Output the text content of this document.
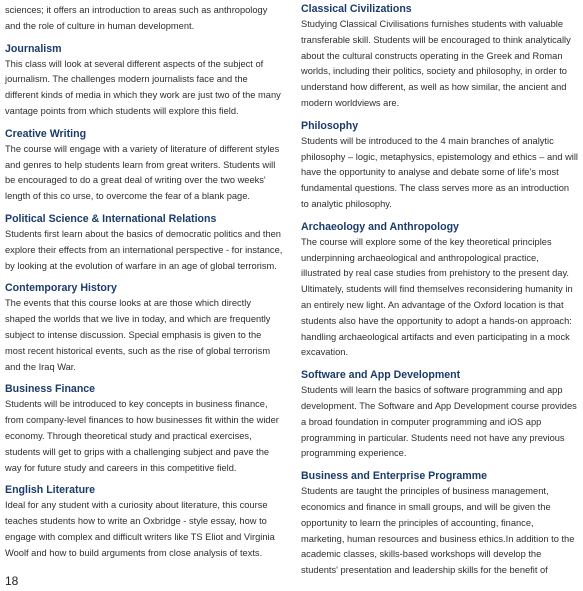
sciences; it offers an introduction to areas such as anthropology and the role of culture in human development.

Journalism

This class will look at several different aspects of the subject of journalism. The challenges modern journalists face and the different kinds of media in which they work are just two of the many vantage points from which students will explore this field.

Creative Writing

The course will engage with a variety of literature of different styles and genres to help students learn from great writers. Students will be encouraged to do a great deal of writing over the two weeks' length of this co urse, to overcome the fear of a blank page.

Political Science & International Relations

Students first learn about the basics of democratic politics and then explore their effects from an international perspective - for instance, by looking at the evolution of warfare in an age of global terrorism.

Contemporary History

The events that this course looks at are those which directly shaped the worlds that we live in today, and which are frequently subject to intense discussion. Special emphasis is given to the most recent historical events, such as the rise of global terrorism and the Iraq War.

Business Finance

Students will be introduced to key concepts in business finance, from company-level finances to how businesses fit within the wider economy. Through theoretical study and practical exercises, students will get to grips with a challenging subject and pave the way for future study and careers in this competitive field.

English Literature

Ideal for any student with a curiosity about literature, this course teaches students how to write an Oxbridge - style essay, how to engage with complex and difficult writers like TS Eliot and Virginia Woolf and how to build arguments from close analysis of texts.

Classical Civilizations

Studying Classical Civilisations furnishes students with valuable transferable skill. Students will be encouraged to think analytically about the cultural constructs operating in the Greek and Roman worlds, including their politics, society and philosophy, in order to understand how different, as well as how similar, the ancient and modern worldviews are.

Philosophy

Students will be introduced to the 4 main branches of analytic philosophy – logic, metaphysics, epistemology and ethics – and will have the opportunity to analyse and debate some of life’s most fundamental questions. The class serves more as an introduction to analytic philosophy.

Archaeology and Anthropology

The course will explore some of the key theoretical principles underpinning archaeological and anthropological practice, illustrated by real case studies from prehistory to the present day. Ultimately, students will find themselves reconsidering humanity in an entirely new light. An advantage of the Oxford location is that students also have the opportunity to adopt a hands-on approach: handling archaeological artifacts and even participating in a mock excavation.

Software and App Development

Students will learn the basics of software programming and app development. The Software and App Development course provides a broad foundation in computer programming and iOS app programming in particular. Students need not have any previous programming experience.

Business and Enterprise Programme

Students are taught the principles of business management, economics and finance in small groups, and will be given the opportunity to learn the principles of accounting, finance, marketing, human resources and business ethics.In addition to the academic classes, skills-based workshops will develop the students' presentation and leadership skills for the benefit of

18
